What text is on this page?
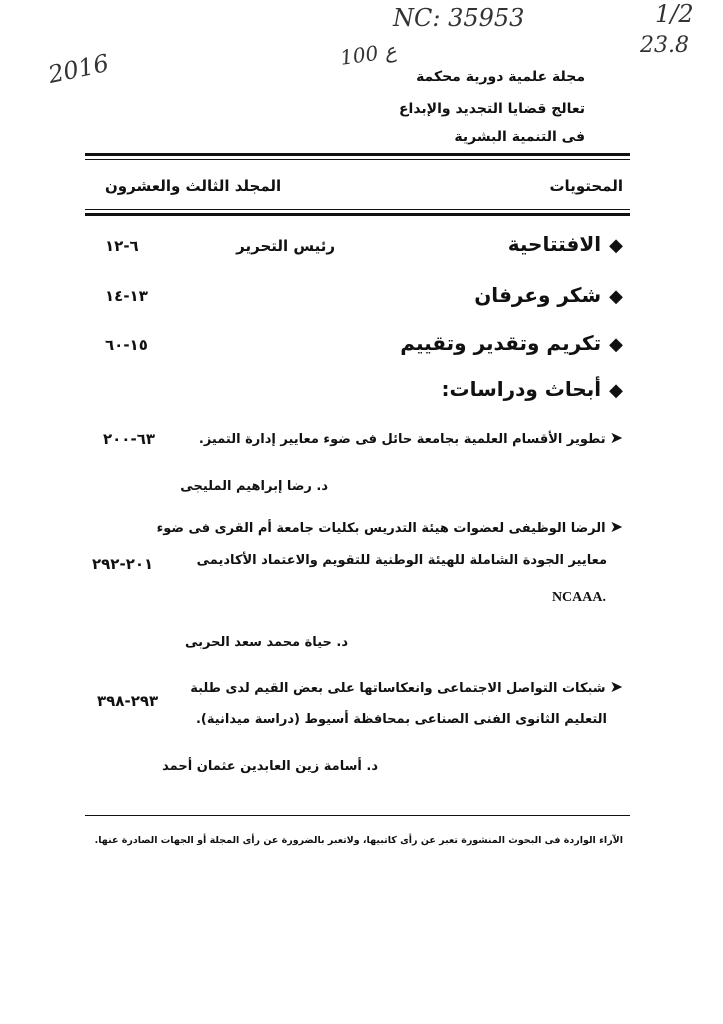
NC: 35953	1/2
23.8
2016	100 ع
مجلة علمية دورية محكمة
تعالج قضايا التجديد والإبداع
فى التنمية البشرية
المحتويات
المجلد الثالث والعشرون
◆الافتتاحية
رئيس التحرير
٦-١٢
◆شكر وعرفان
١٣-١٤
◆تكريم وتقدير وتقييم
١٥-٦٠
◆أبحاث ودراسات:
➤تطوير الأقسام العلمية بجامعة حائل فى ضوء معايير إدارة التميز.
٦٣-٢٠٠
د. رضا إبراهيم المليجى
➤الرضا الوظيفى لعضوات هيئة التدريس بكليات جامعة أم القرى فى ضوء
معايير الجودة الشاملة للهيئة الوطنية للتقويم والاعتماد الأكاديمى
٢٠١-٢٩٢
NCAAA.
د. حياة محمد سعد الحربى
➤شبكات التواصل الاجتماعى وانعكاساتها على بعض القيم لدى طلبة
٢٩٣-٣٩٨
التعليم الثانوى الفنى الصناعى بمحافظة أسيوط (دراسة ميدانية).
د. أسامة زين العابدين عثمان أحمد
الآراء الواردة فى البحوث المنشورة تعبر عن رأى كاتبيها، ولاتعبر بالضرورة عن رأى المجلة أو الجهات الصادرة عنها.
